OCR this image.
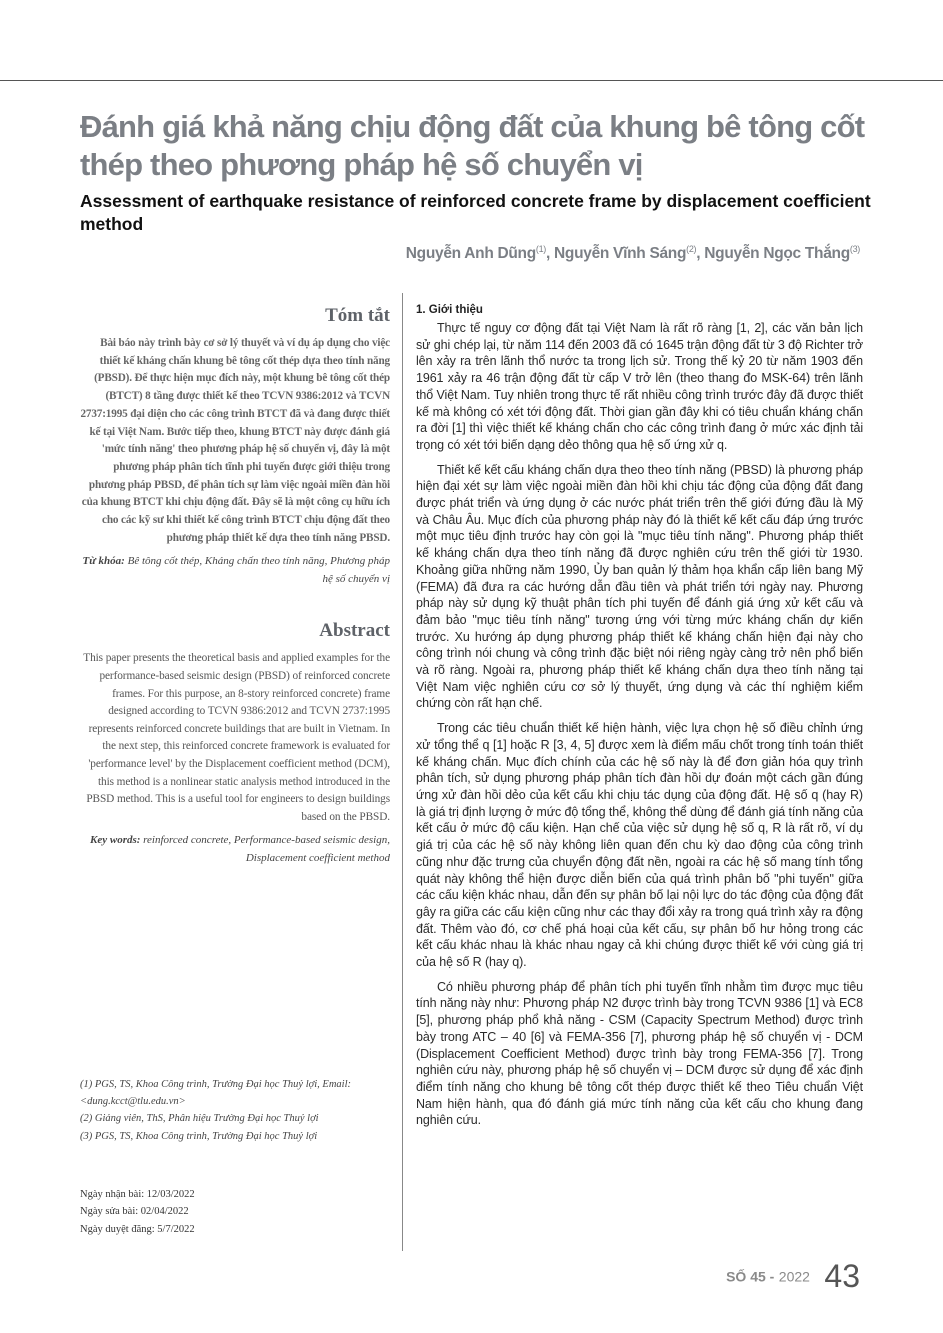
Đánh giá khả năng chịu động đất của khung bê tông cốt thép theo phương pháp hệ số chuyển vị
Assessment of earthquake resistance of reinforced concrete frame by displacement coefficient method
Nguyễn Anh Dũng$^{(1)}$, Nguyễn Vĩnh Sáng$^{(2)}$, Nguyễn Ngọc Thắng$^{(3)}$
Tóm tắt

Bài báo này trình bày cơ sở lý thuyết và ví dụ áp dụng cho việc thiết kế kháng chấn khung bê tông cốt thép dựa theo tính năng (PBSD). Để thực hiện mục đích này, một khung bê tông cốt thép (BTCT) 8 tầng được thiết kế theo TCVN 9386:2012 và TCVN 2737:1995 đại diện cho các công trình BTCT đã và đang được thiết kế tại Việt Nam. Bước tiếp theo, khung BTCT này được đánh giá 'mức tính năng' theo phương pháp hệ số chuyển vị, đây là một phương pháp phân tích tĩnh phi tuyến được giới thiệu trong phương pháp PBSD, để phân tích sự làm việc ngoài miền đàn hồi của khung BTCT khi chịu động đất. Đây sẽ là một công cụ hữu ích cho các kỹ sư khi thiết kế công trình BTCT chịu động đất theo phương pháp thiết kế dựa theo tính năng PBSD.

Từ khóa: Bê tông cốt thép, Kháng chấn theo tính năng, Phương pháp hệ số chuyển vị

Abstract

This paper presents the theoretical basis and applied examples for the performance-based seismic design (PBSD) of reinforced concrete frames. For this purpose, an 8-story reinforced concrete) frame designed according to TCVN 9386:2012 and TCVN 2737:1995 represents reinforced concrete buildings that are built in Vietnam. In the next step, this reinforced concrete framework is evaluated for 'performance level' by the Displacement coefficient method (DCM), this method is a nonlinear static analysis method introduced in the PBSD method. This is a useful tool for engineers to design buildings based on the PBSD.

Key words: reinforced concrete, Performance-based seismic design, Displacement coefficient method

(1) PGS, TS, Khoa Công trình, Trường Đại học Thuỷ lợi, Email: <dung.kcct@tlu.edu.vn>

(2) Giảng viên, ThS, Phân hiệu Trường Đại học Thuỷ lợi

(3) PGS, TS, Khoa Công trình, Trường Đại học Thuỷ lợi

Ngày nhận bài: 12/03/2022

Ngày sửa bài: 02/04/2022

Ngày duyệt đăng: 5/7/2022

1. Giới thiệu

Thực tế nguy cơ động đất tại Việt Nam là rất rõ ràng [1, 2], các văn bản lịch sử ghi chép lại, từ năm 114 đến 2003 đã có 1645 trận động đất từ 3 độ Richter trở lên xảy ra trên lãnh thổ nước ta trong lịch sử. Trong thế kỷ 20 từ năm 1903 đến 1961 xảy ra 46 trận động đất từ cấp V trở lên (theo thang đo MSK-64) trên lãnh thổ Việt Nam. Tuy nhiên trong thực tế rất nhiều công trình trước đây đã được thiết kế mà không có xét tới động đất. Thời gian gần đây khi có tiêu chuẩn kháng chấn ra đời [1] thì việc thiết kế kháng chấn cho các công trình đang ở mức xác định tải trọng có xét tới biến dạng dẻo thông qua hệ số ứng xử q.

Thiết kế kết cấu kháng chấn dựa theo theo tính năng (PBSD) là phương pháp hiện đại xét sự làm việc ngoài miền đàn hồi khi chịu tác động của động đất đang được phát triển và ứng dụng ở các nước phát triển trên thế giới đứng đầu là Mỹ và Châu Âu. Mục đích của phương pháp này đó là thiết kế kết cấu đáp ứng trước một mục tiêu định trước hay còn gọi là "mục tiêu tính năng". Phương pháp thiết kế kháng chấn dựa theo tính năng đã được nghiên cứu trên thế giới từ 1930. Khoảng giữa những năm 1990, Ủy ban quản lý thảm họa khẩn cấp liên bang Mỹ (FEMA) đã đưa ra các hướng dẫn đầu tiên và phát triển tới ngày nay. Phương pháp này sử dụng kỹ thuật phân tích phi tuyến để đánh giá ứng xử kết cấu và đảm bảo "mục tiêu tính năng" tương ứng với từng mức kháng chấn dự kiến trước. Xu hướng áp dụng phương pháp thiết kế kháng chấn hiện đại này cho công trình nói chung và công trình đặc biệt nói riêng ngày càng trở nên phổ biến và rõ ràng. Ngoài ra, phương pháp thiết kế kháng chấn dựa theo tính năng tại Việt Nam việc nghiên cứu cơ sở lý thuyết, ứng dụng và các thí nghiệm kiểm chứng còn rất hạn chế.

Trong các tiêu chuẩn thiết kế hiện hành, việc lựa chọn hệ số điều chỉnh ứng xử tổng thể q [1] hoặc R [3, 4, 5] được xem là điểm mấu chốt trong tính toán thiết kế kháng chấn. Mục đích chính của các hệ số này là để đơn giản hóa quy trình phân tích, sử dụng phương pháp phân tích đàn hồi dự đoán một cách gần đúng ứng xử đàn hồi dẻo của kết cấu khi chịu tác dụng của động đất. Hệ số q (hay R) là giá trị định lượng ở mức độ tổng thể, không thể dùng để đánh giá tính năng của kết cấu ở mức độ cấu kiện. Hạn chế của việc sử dụng hệ số q, R là rất rõ, ví dụ giá trị của các hệ số này không liên quan đến chu kỳ dao động của công trình cũng như đặc trưng của chuyển động đất nền, ngoài ra các hệ số mang tính tổng quát này không thể hiện được diễn biến của quá trình phân bố "phi tuyến" giữa các cấu kiện khác nhau, dẫn đến sự phân bố lại nội lực do tác động của động đất gây ra giữa các cấu kiện cũng như các thay đổi xảy ra trong quá trình xảy ra động đất. Thêm vào đó, cơ chế phá hoại của kết cấu, sự phân bố hư hỏng trong các kết cấu khác nhau là khác nhau ngay cả khi chúng được thiết kế với cùng giá trị của hệ số R (hay q).

Có nhiều phương pháp để phân tích phi tuyến tĩnh nhằm tìm được mục tiêu tính năng này như: Phương pháp N2 được trình bày trong TCVN 9386 [1] và EC8 [5], phương pháp phổ khả năng - CSM (Capacity Spectrum Method) được trình bày trong ATC – 40 [6] và FEMA-356 [7], phương pháp hệ số chuyển vị - DCM (Displacement Coefficient Method) được trình bày trong FEMA-356 [7]. Trong nghiên cứu này, phương pháp hệ số chuyển vị – DCM được sử dụng để xác định điểm tính năng cho khung bê tông cốt thép được thiết kế theo Tiêu chuẩn Việt Nam hiện hành, qua đó đánh giá mức tính năng của kết cấu cho khung đang nghiên cứu.

SỐ 45 - 2022 43
